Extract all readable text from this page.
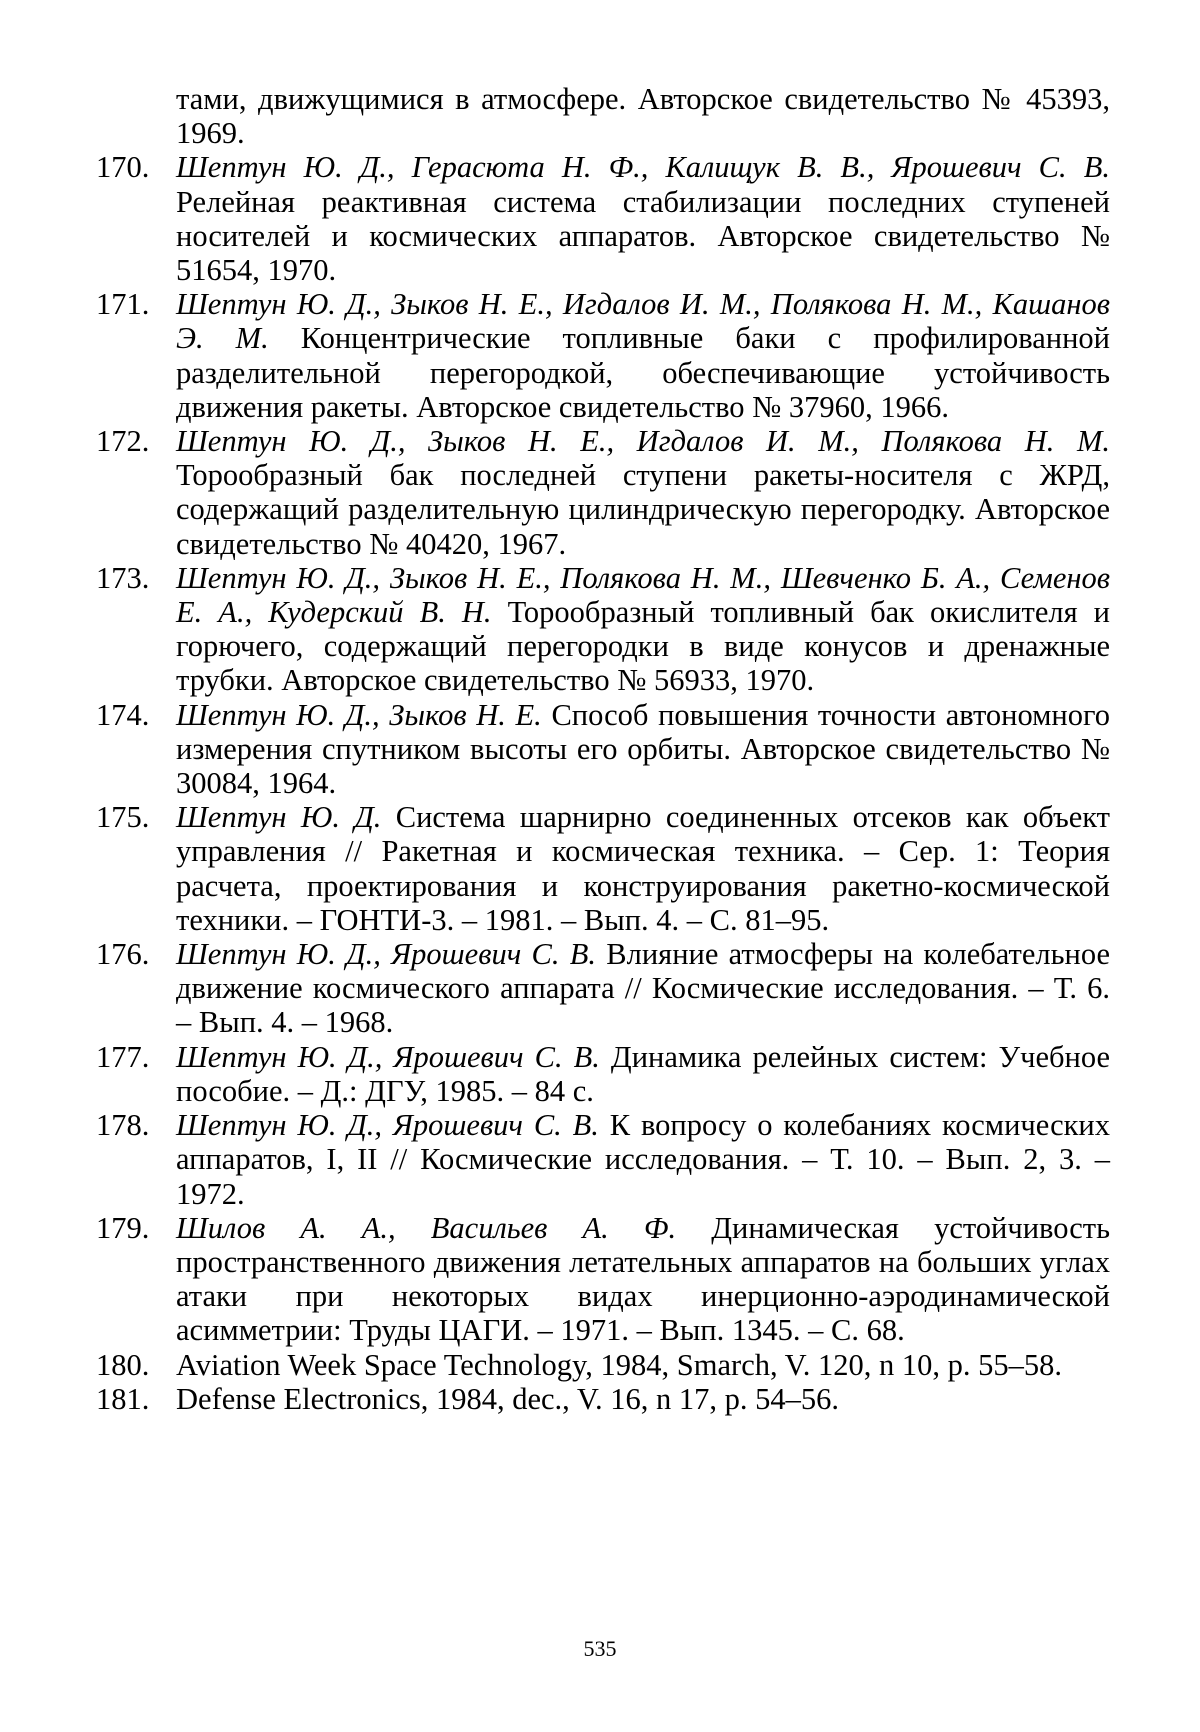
тами, движущимися в атмосфере. Авторское свидетельство № 45393, 1969.
170. Шептун Ю. Д., Герасюта Н. Ф., Калищук В. В., Ярошевич С. В. Релейная реактивная система стабилизации последних ступеней носителей и космических аппаратов. Авторское свидетельство № 51654, 1970.
171. Шептун Ю. Д., Зыков Н. Е., Игдалов И. М., Полякова Н. М., Кашанов Э. М. Концентрические топливные баки с профилированной разделительной перегородкой, обеспечивающие устойчивость движения ракеты. Авторское свидетельство № 37960, 1966.
172. Шептун Ю. Д., Зыков Н. Е., Игдалов И. М., Полякова Н. М. Торообразный бак последней ступени ракеты-носителя с ЖРД, содержащий разделительную цилиндрическую перегородку. Авторское свидетельство № 40420, 1967.
173. Шептун Ю. Д., Зыков Н. Е., Полякова Н. М., Шевченко Б. А., Семенов Е. А., Кудерский В. Н. Торообразный топливный бак окислителя и горючего, содержащий перегородки в виде конусов и дренажные трубки. Авторское свидетельство № 56933, 1970.
174. Шептун Ю. Д., Зыков Н. Е. Способ повышения точности автономного измерения спутником высоты его орбиты. Авторское свидетельство № 30084, 1964.
175. Шептун Ю. Д. Система шарнирно соединенных отсеков как объект управления // Ракетная и космическая техника. – Сер. 1: Теория расчета, проектирования и конструирования ракетно-космической техники. – ГОНТИ-3. – 1981. – Вып. 4. – С. 81–95.
176. Шептун Ю. Д., Ярошевич С. В. Влияние атмосферы на колебательное движение космического аппарата // Космические исследования. – Т. 6. – Вып. 4. – 1968.
177. Шептун Ю. Д., Ярошевич С. В. Динамика релейных систем: Учебное пособие. – Д.: ДГУ, 1985. – 84 с.
178. Шептун Ю. Д., Ярошевич С. В. К вопросу о колебаниях космических аппаратов, I, II // Космические исследования. – Т. 10. – Вып. 2, 3. – 1972.
179. Шилов А. А., Васильев А. Ф. Динамическая устойчивость пространственного движения летательных аппаратов на больших углах атаки при некоторых видах инерционно-аэродинамической асимметрии: Труды ЦАГИ. – 1971. – Вып. 1345. – С. 68.
180. Aviation Week Space Technology, 1984, Smarch, V. 120, n 10, p. 55–58.
181. Defense Electronics, 1984, dec., V. 16, n 17, p. 54–56.
535
